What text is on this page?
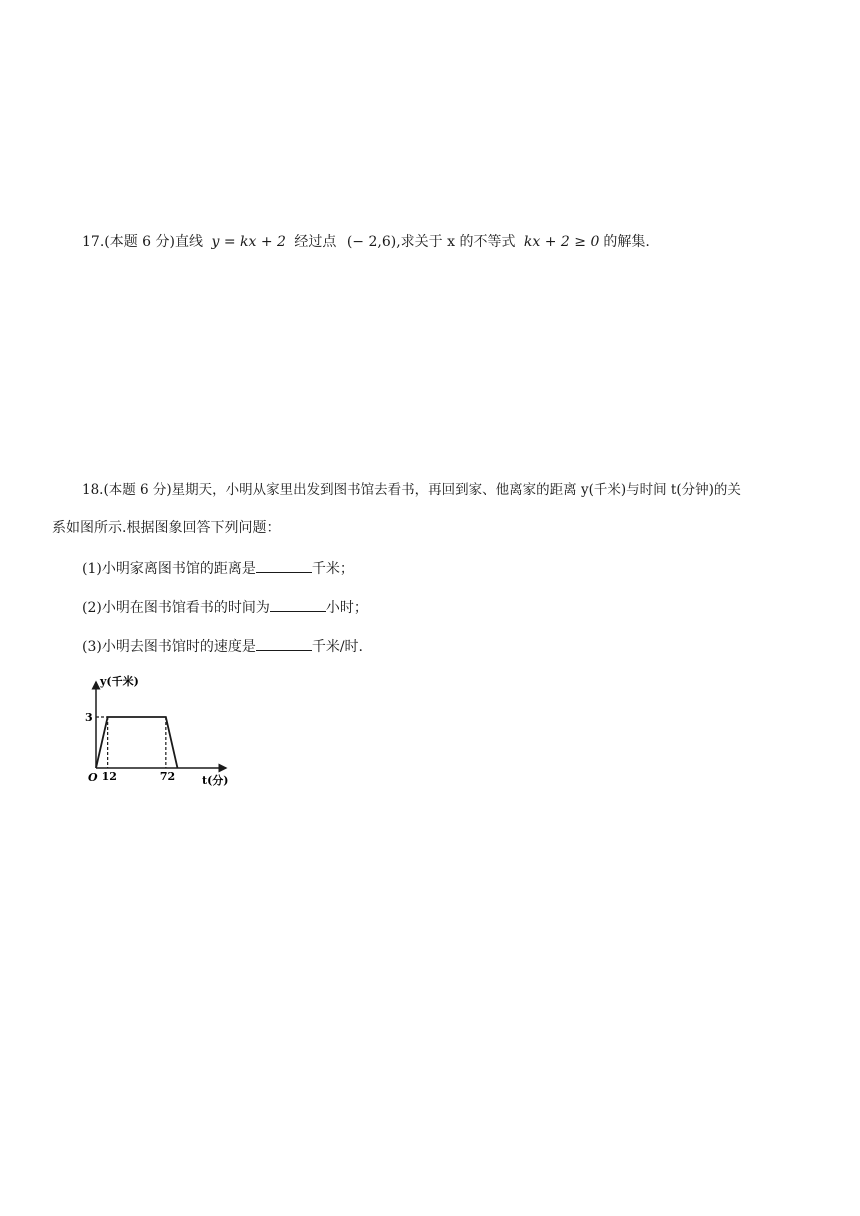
17.(本题 6 分)直线 y = kx + 2 经过点 (− 2,6),求关于 x 的不等式 kx + 2 ≥ 0 的解集.
18.(本题 6 分)星期天，小明从家里出发到图书馆去看书，再回到家、他离家的距离 y(千米)与时间 t(分钟)的关
系如图所示.根据图象回答下列问题：
(1)小明家离图书馆的距离是	千米；
(2)小明在图书馆看书的时间为	小时；
(3)小明去图书馆时的速度是	千米/时.
12	72
3
y(千米)
t(分)
O
